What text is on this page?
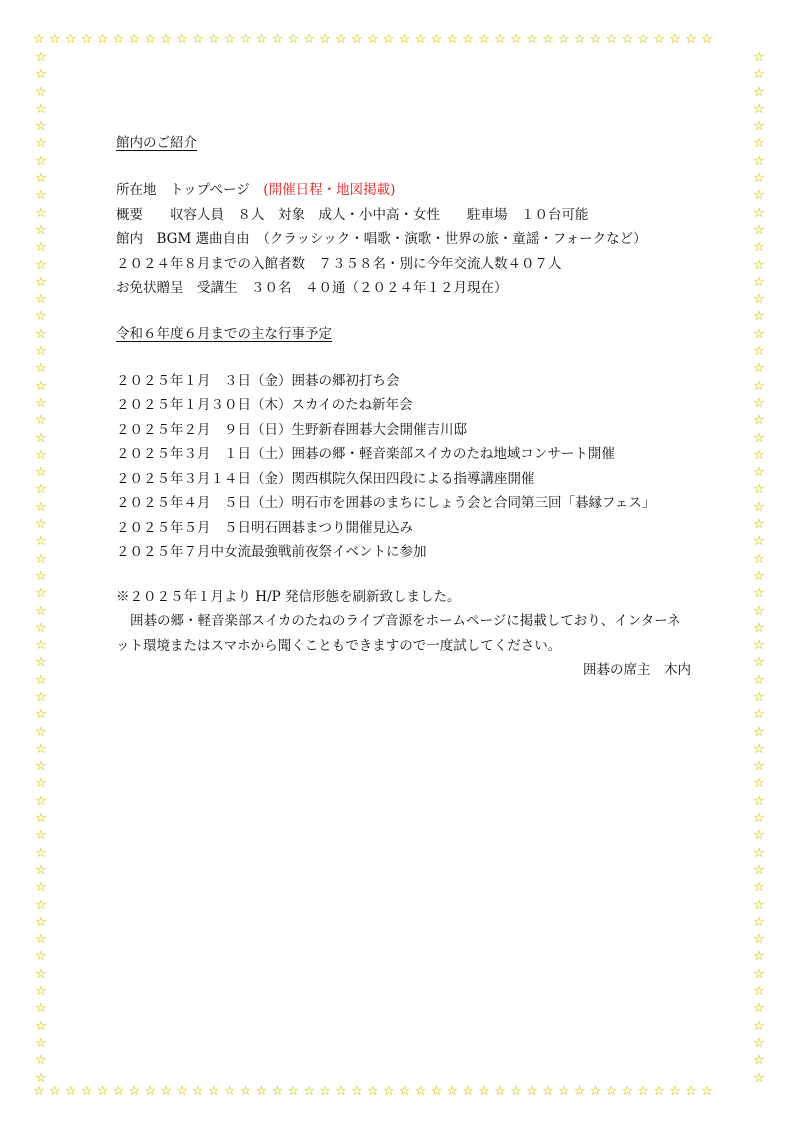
☆☆☆☆☆☆☆☆☆☆☆☆☆☆☆☆☆☆☆☆☆☆☆☆☆☆☆☆☆☆☆☆☆☆☆☆☆☆☆☆☆☆☆
☆☆☆☆☆☆☆☆☆☆☆☆☆☆☆☆☆☆☆☆☆☆☆☆☆☆☆☆☆☆☆☆☆☆☆☆☆☆☆☆☆☆☆
☆
☆
☆
☆
☆
☆
☆
☆
☆
☆
☆
☆
☆
☆
☆
☆
☆
☆
☆
☆
☆
☆
☆
☆
☆
☆
☆
☆
☆
☆
☆
☆
☆
☆
☆
☆
☆
☆
☆
☆
☆
☆
☆
☆
☆
☆
☆
☆
☆
☆
☆
☆
☆
☆
☆
☆
☆
☆
☆
☆
☆
☆
☆
☆
☆
☆
☆
☆
☆
☆
☆
☆
☆
☆
☆
☆
☆
☆
☆
☆
☆
☆
☆
☆
☆
☆
☆
☆
☆
☆
☆
☆
☆
☆
☆
☆
☆
☆
☆
☆
☆
☆
☆
☆
☆
☆
☆
☆
☆
☆
☆
☆
☆
☆
☆
☆
☆
☆
☆
☆
館内のご紹介
所在地　トップページ　(開催日程・地図掲載)
概要　　収容人員　８人　対象　成人・小中高・女性　　駐車場　１０台可能
館内　BGM 選曲自由　（クラッシック・唱歌・演歌・世界の旅・童謡・フォークなど）
２０２４年８月までの入館者数　７３５８名・別に今年交流人数４０７人
お免状贈呈　受講生　３０名　４０通（２０２４年１２月現在）
令和６年度６月までの主な行事予定
２０２５年１月　３日（金）囲碁の郷初打ち会
２０２５年１月３０日（木）スカイのたね新年会
２０２５年２月　９日（日）生野新春囲碁大会開催吉川邸
２０２５年３月　１日（土）囲碁の郷・軽音楽部スイカのたね地域コンサート開催
２０２５年３月１４日（金）関西棋院久保田四段による指導講座開催
２０２５年４月　５日（土）明石市を囲碁のまちにしょう会と合同第三回「碁縁フェス」
２０２５年５月　５日明石囲碁まつり開催見込み
２０２５年７月中女流最強戦前夜祭イベントに参加
※２０２５年１月より H/P 発信形態を刷新致しました。
囲碁の郷・軽音楽部スイカのたねのライブ音源をホームページに掲載しており、インターネット環境またはスマホから聞くこともできますので一度試してください。
囲碁の席主　木内
